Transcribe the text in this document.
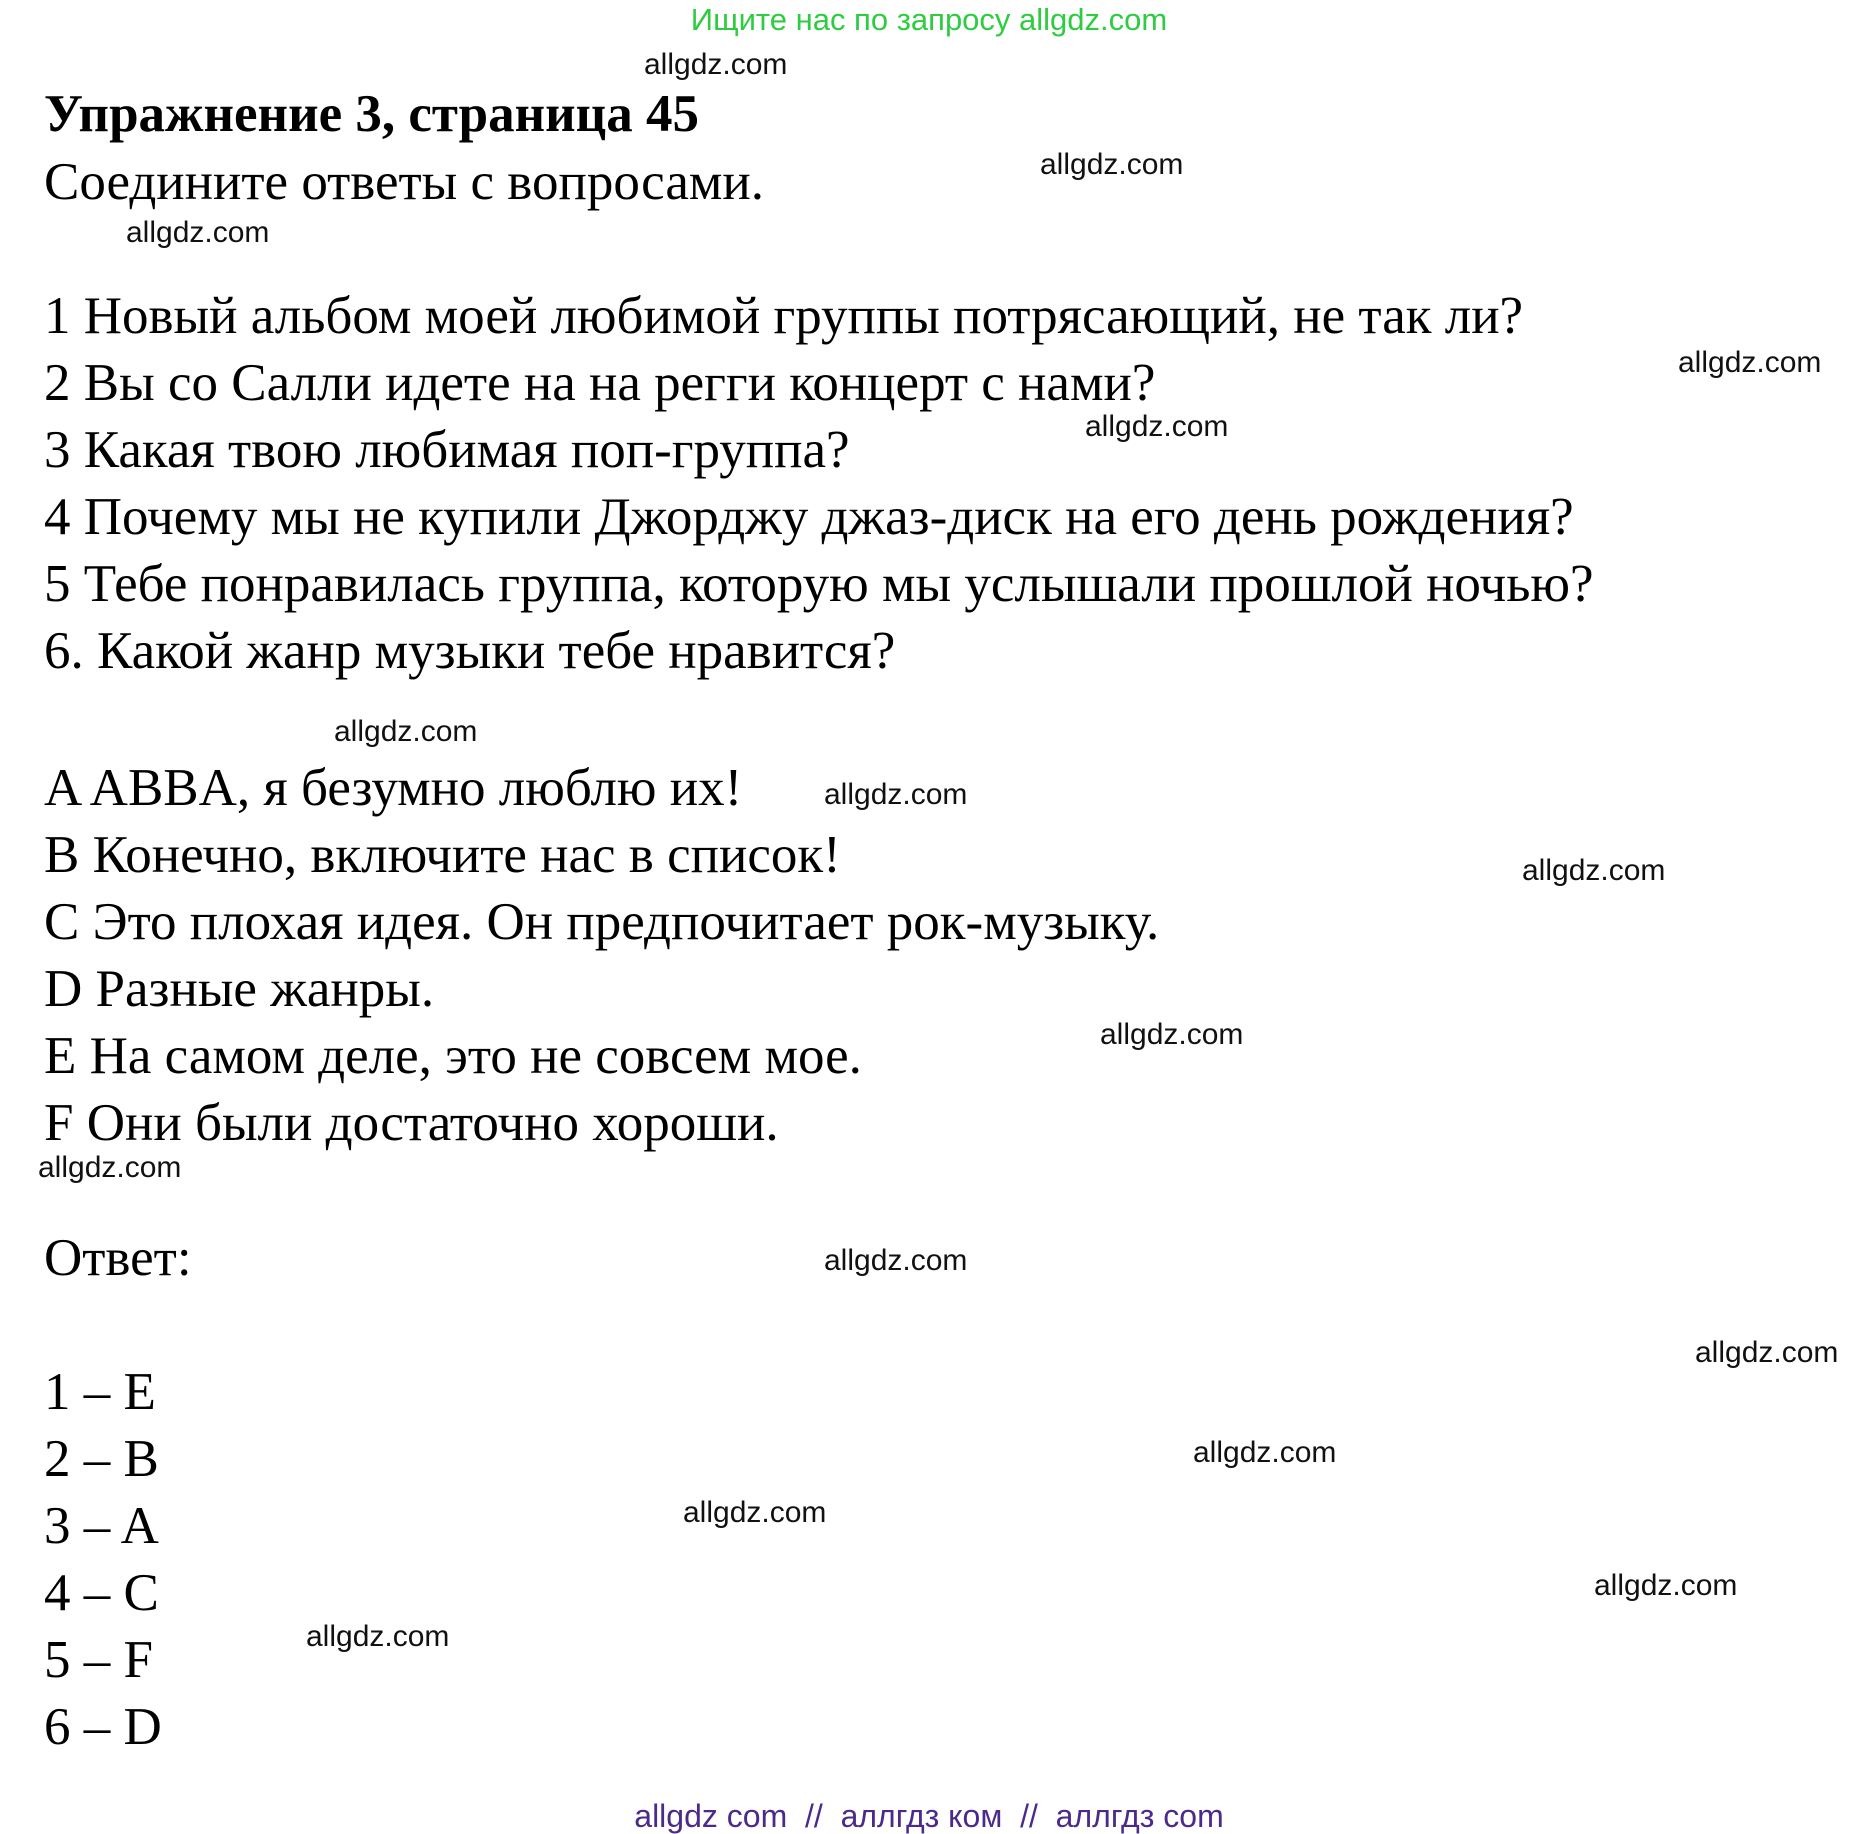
Ищите нас по запросу allgdz.com
Упражнение 3, страница 45
Соедините ответы с вопросами.
1 Новый альбом моей любимой группы потрясающий, не так ли?
2 Вы со Салли идете на на регги концерт с нами?
3 Какая твою любимая поп-группа?
4 Почему мы не купили Джорджу джаз-диск на его день рождения?
5 Тебе понравилась группа, которую мы услышали прошлой ночью?
6. Какой жанр музыки тебе нравится?
A ABBA, я безумно люблю их!
B Конечно, включите нас в список!
C Это плохая идея. Он предпочитает рок-музыку.
D Разные жанры.
E На самом деле, это не совсем мое.
F Они были достаточно хороши.
Ответ:
1 – E
2 – B
3 – A
4 – C
5 – F
6 – D
allgdz.com
allgdz.com
allgdz.com
allgdz.com
allgdz.com
allgdz.com
allgdz.com
allgdz.com
allgdz.com
allgdz.com
allgdz.com
allgdz.com
allgdz.com
allgdz.com
allgdz.com
allgdz.com
allgdz com  //  аллгдз ком  //  аллгдз com
